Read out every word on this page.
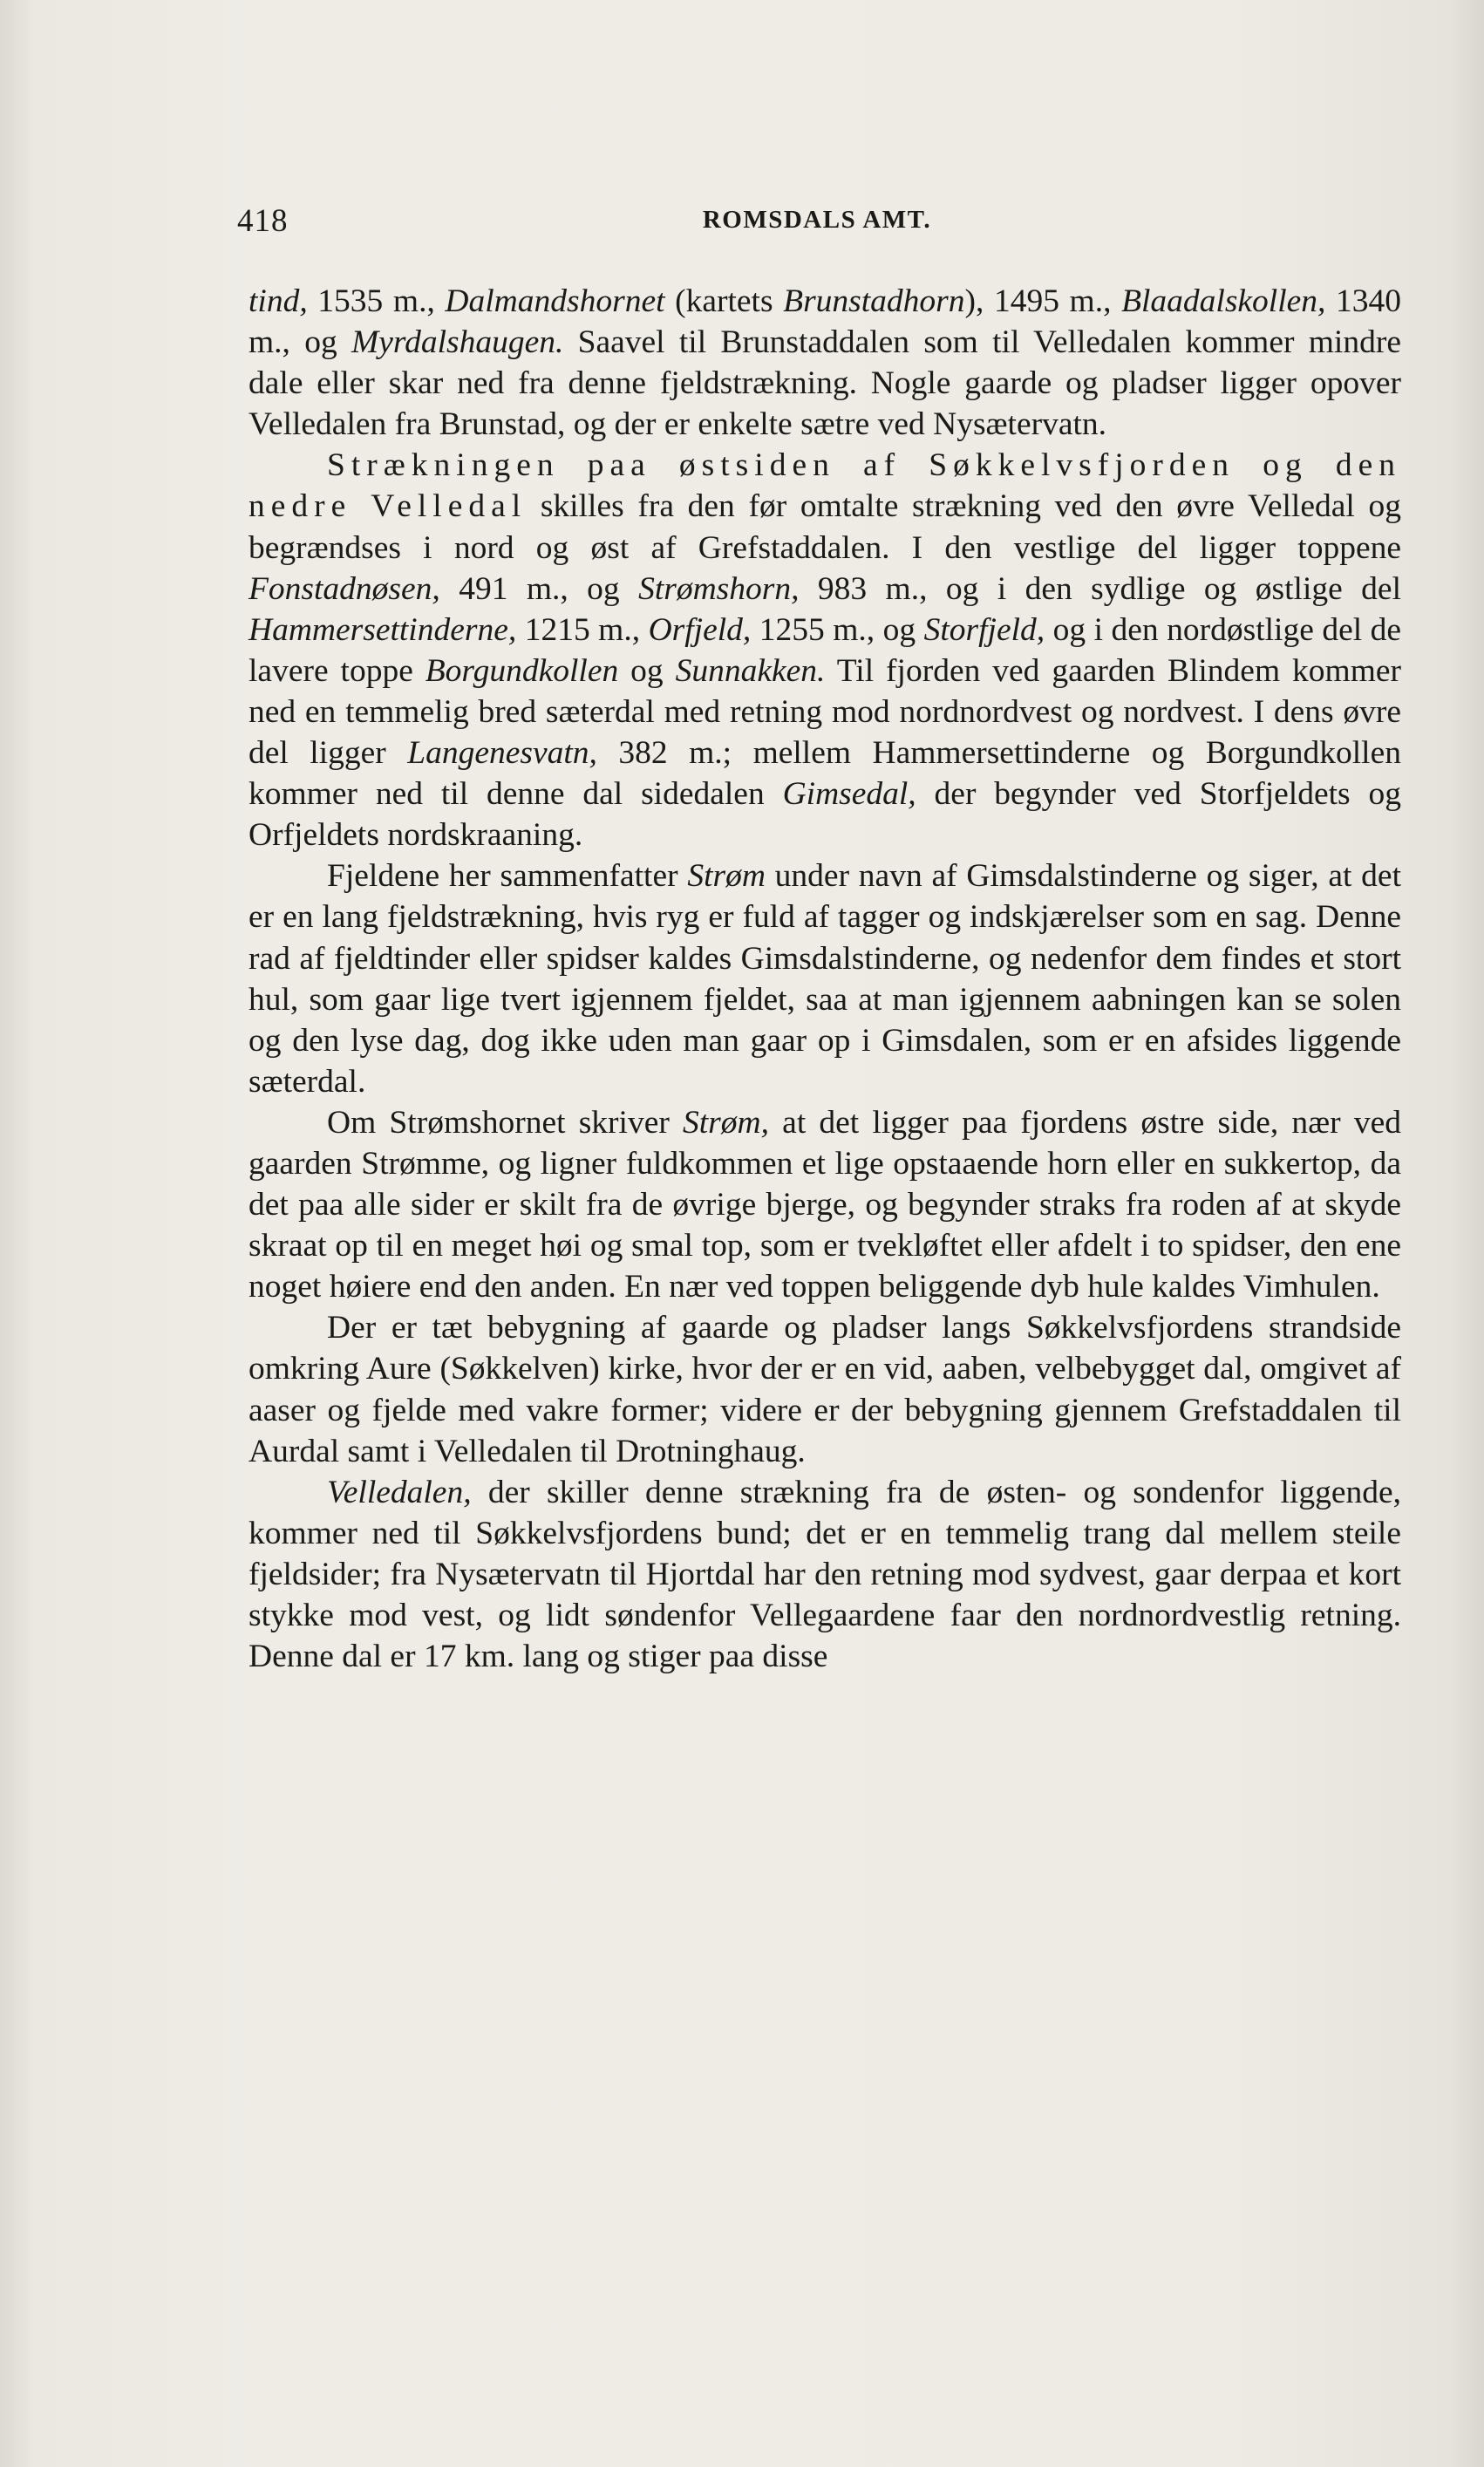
418	ROMSDALS AMT.

tind, 1535 m., Dalmandshornet (kartets Brunstadhorn), 1495 m., Blaadalskollen, 1340 m., og Myrdalshaugen. Saavel til Brunstaddalen som til Velledalen kommer mindre dale eller skar ned fra denne fjeldstrækning. Nogle gaarde og pladser ligger opover Velledalen fra Brunstad, og der er enkelte sætre ved Nysætervatn.

Strækningen paa østsiden af Søkkelvsfjorden og den nedre Velledal skilles fra den før omtalte strækning ved den øvre Velledal og begrændses i nord og øst af Grefstaddalen. I den vestlige del ligger toppene Fonstadnøsen, 491 m., og Strømshorn, 983 m., og i den sydlige og østlige del Hammersettinderne, 1215 m., Orfjeld, 1255 m., og Storfjeld, og i den nordøstlige del de lavere toppe Borgundkollen og Sunnakken. Til fjorden ved gaarden Blindem kommer ned en temmelig bred sæterdal med retning mod nordnordvest og nordvest. I dens øvre del ligger Langenesvatn, 382 m.; mellem Hammersettinderne og Borgundkollen kommer ned til denne dal sidedalen Gimsedal, der begynder ved Storfjeldets og Orfjeldets nordskraaning.

Fjeldene her sammenfatter Strøm under navn af Gimsdalstinderne og siger, at det er en lang fjeldstrækning, hvis ryg er fuld af tagger og indskjærelser som en sag. Denne rad af fjeldtinder eller spidser kaldes Gimsdalstinderne, og nedenfor dem findes et stort hul, som gaar lige tvert igjennem fjeldet, saa at man igjennem aabningen kan se solen og den lyse dag, dog ikke uden man gaar op i Gimsdalen, som er en afsides liggende sæterdal.

Om Strømshornet skriver Strøm, at det ligger paa fjordens østre side, nær ved gaarden Strømme, og ligner fuldkommen et lige opstaaende horn eller en sukkertop, da det paa alle sider er skilt fra de øvrige bjerge, og begynder straks fra roden af at skyde skraat op til en meget høi og smal top, som er tvekløftet eller afdelt i to spidser, den ene noget høiere end den anden. En nær ved toppen beliggende dyb hule kaldes Vimhulen.

Der er tæt bebygning af gaarde og pladser langs Søkkelvsfjordens strandside omkring Aure (Søkkelven) kirke, hvor der er en vid, aaben, velbebygget dal, omgivet af aaser og fjelde med vakre former; videre er der bebygning gjennem Grefstaddalen til Aurdal samt i Velledalen til Drotninghaug.

Velledalen, der skiller denne strækning fra de østen- og sondenfor liggende, kommer ned til Søkkelvsfjordens bund; det er en temmelig trang dal mellem steile fjeldsider; fra Nysætervatn til Hjortdal har den retning mod sydvest, gaar derpaa et kort stykke mod vest, og lidt søndenfor Vellegaardene faar den nordnordvestlig retning. Denne dal er 17 km. lang og stiger paa disse
